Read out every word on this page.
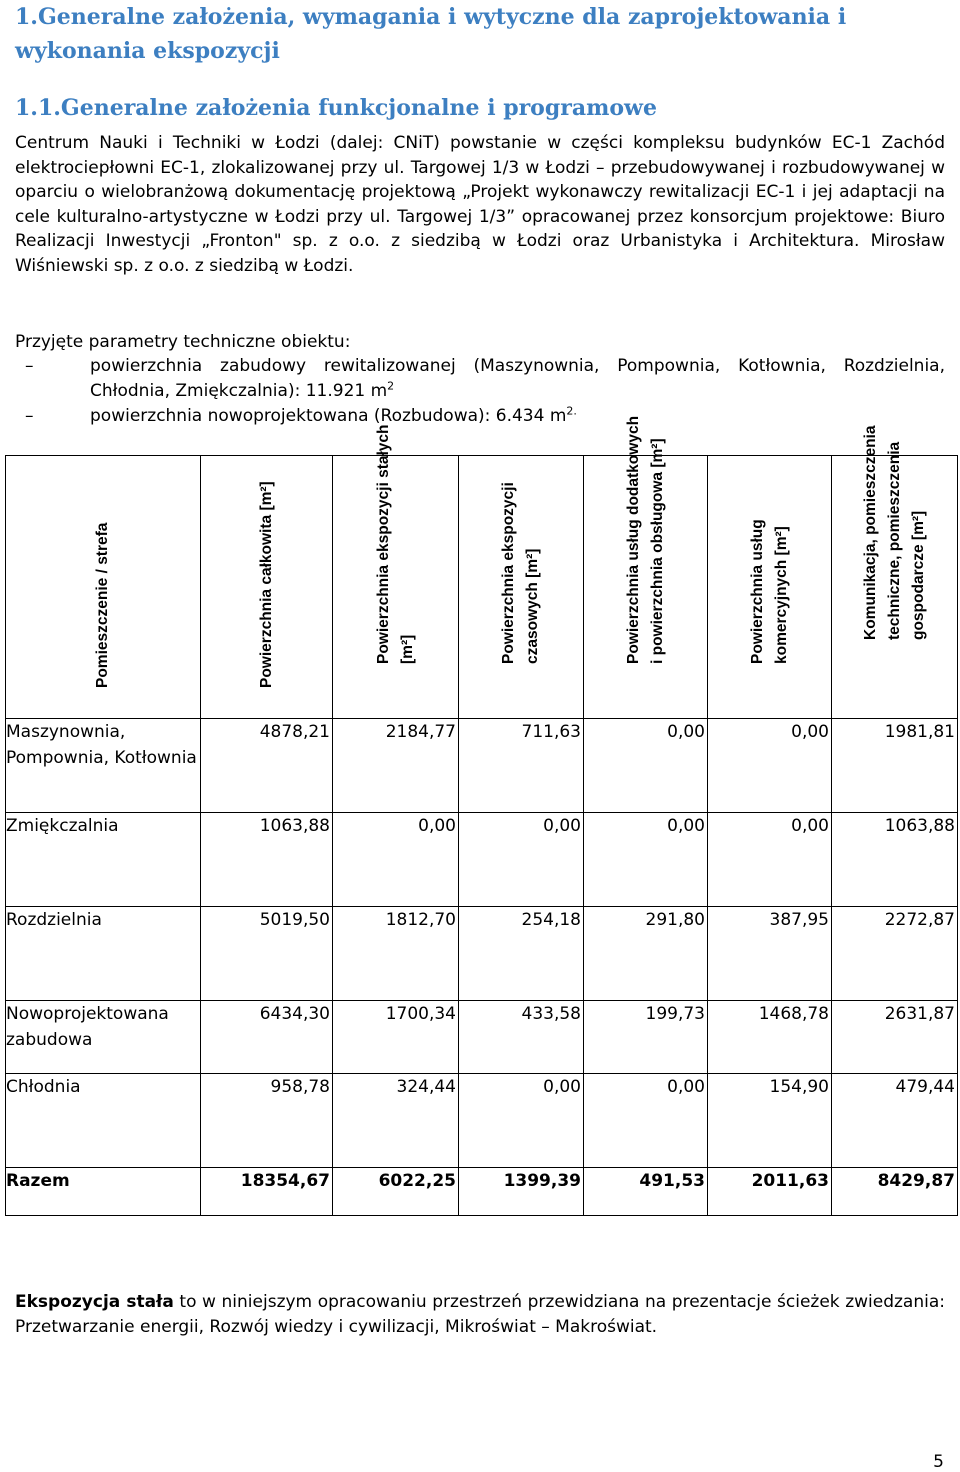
1.Generalne założenia, wymagania i wytyczne dla zaprojektowania i wykonania ekspozycji
1.1.Generalne założenia funkcjonalne i programowe

Centrum Nauki i Techniki w Łodzi (dalej: CNiT) powstanie w części kompleksu budynków EC-1 Zachód elektrociepłowni EC-1, zlokalizowanej przy ul. Targowej 1/3 w Łodzi – przebudowywanej i rozbudowywanej w oparciu o wielobranżową dokumentację projektową „Projekt wykonawczy rewitalizacji EC-1 i jej adaptacji na cele kulturalno-artystyczne w Łodzi przy ul. Targowej 1/3” opracowanej przez konsorcjum projektowe: Biuro Realizacji Inwestycji „Fronton" sp. z o.o. z siedzibą w Łodzi oraz Urbanistyka i Architektura. Mirosław Wiśniewski sp. z o.o. z siedzibą w Łodzi.

Przyjęte parametry techniczne obiektu:

–	powierzchnia zabudowy rewitalizowanej (Maszynownia, Pompownia, Kotłownia, Rozdzielnia, Chłodnia, Zmiękczalnia): 11.921 $m^2$
–	powierzchnia nowoprojektowana (Rozbudowa): 6.434 $m^{2.}$
Pomieszczenie / strefa	Powierzchnia całkowita [m²]	Powierzchnia ekspozycji stałych [m²]	Powierzchnia ekspozycji czasowych [m²]	Powierzchnia usług dodatkowych i powierzchnia obsługowa [m²]	Powierzchnia usług komercyjnych [m²]	Komunikacja, pomieszczenia techniczne, pomieszczenia gospodarcze [m²]

Maszynownia, Pompownia, Kotłownia	4878,21	2184,77	711,63	0,00	0,00	1981,81
Zmiękczalnia	1063,88	0,00	0,00	0,00	0,00	1063,88
Rozdzielnia	5019,50	1812,70	254,18	291,80	387,95	2272,87
Nowoprojektowana zabudowa	6434,30	1700,34	433,58	199,73	1468,78	2631,87
Chłodnia	958,78	324,44	0,00	0,00	154,90	479,44
Razem	18354,67	6022,25	1399,39	491,53	2011,63	8429,87

Ekspozycja stała to w niniejszym opracowaniu przestrzeń przewidziana na prezentacje ścieżek zwiedzania: Przetwarzanie energii, Rozwój wiedzy i cywilizacji, Mikroświat – Makroświat.

5
